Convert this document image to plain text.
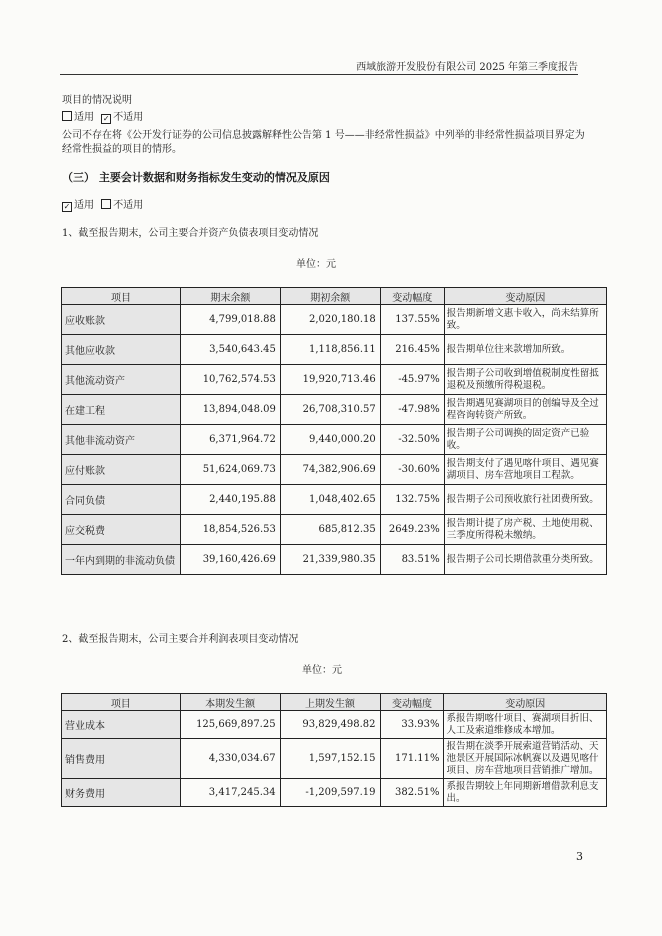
西域旅游开发股份有限公司 2025 年第三季度报告
项目的情况说明
适用 ✓ 不适用
公司不存在将《公开发行证券的公司信息披露解释性公告第 1 号——非经常性损益》中列举的非经常性损益项目界定为
经常性损益的项目的情形。
（三） 主要会计数据和财务指标发生变动的情况及原因
✓ 适用 不适用
1、截至报告期末，公司主要合并资产负债表项目变动情况
单位：元
项目	期末余额	期初余额	变动幅度	变动原因
应收账款	4,799,018.88	2,020,180.18	137.55%	报告期新增文惠卡收入，尚未结算所致。
其他应收款	3,540,643.45	1,118,856.11	216.45%	报告期单位往来款增加所致。
其他流动资产	10,762,574.53	19,920,713.46	-45.97%	报告期子公司收到增值税制度性留抵退税及预缴所得税退税。
在建工程	13,894,048.09	26,708,310.57	-47.98%	报告期遇见赛湖项目的创编导及全过程咨询转资产所致。
其他非流动资产	6,371,964.72	9,440,000.20	-32.50%	报告期子公司调换的固定资产已验收。
应付账款	51,624,069.73	74,382,906.69	-30.60%	报告期支付了遇见喀什项目、遇见赛湖项目、房车营地项目工程款。
合同负债	2,440,195.88	1,048,402.65	132.75%	报告期子公司预收旅行社团费所致。
应交税费	18,854,526.53	685,812.35	2649.23%	报告期计提了房产税、土地使用税、三季度所得税未缴纳。
一年内到期的非流动负债	39,160,426.69	21,339,980.35	83.51%	报告期子公司长期借款重分类所致。
2、截至报告期末，公司主要合并利润表项目变动情况
单位：元
项目	本期发生额	上期发生额	变动幅度	变动原因
营业成本	125,669,897.25	93,829,498.82	33.93%	系报告期喀什项目、赛湖项目折旧、人工及索道维修成本增加。
销售费用	4,330,034.67	1,597,152.15	171.11%	报告期在淡季开展索道营销活动、天池景区开展国际冰帆赛以及遇见喀什项目、房车营地项目营销推广增加。
财务费用	3,417,245.34	-1,209,597.19	382.51%	系报告期较上年同期新增借款利息支出。
3
